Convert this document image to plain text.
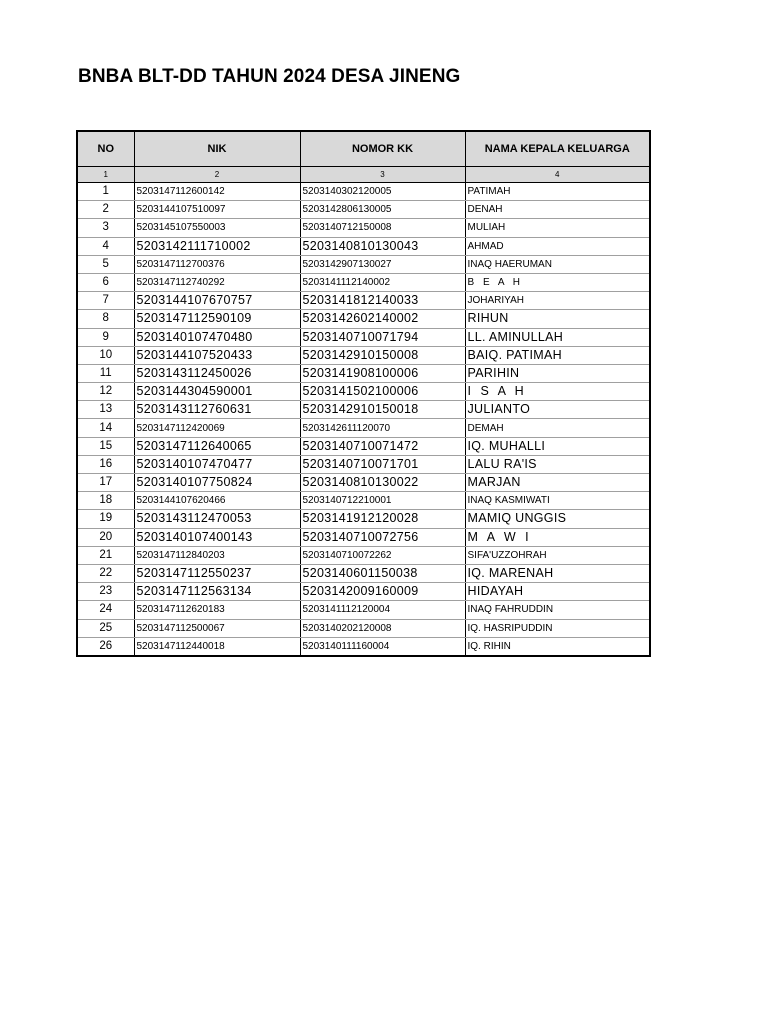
BNBA BLT-DD TAHUN 2024 DESA JINENG
NO	NIK	NOMOR KK	NAMA KEPALA KELUARGA
1	2	3	4
1	5203147112600142	5203140302120005	PATIMAH
2	5203144107510097	5203142806130005	DENAH
3	5203145107550003	5203140712150008	MULIAH
4	5203142111710002	5203140810130043	AHMAD
5	5203147112700376	5203142907130027	INAQ HAERUMAN
6	5203147112740292	5203141112140002	B E A H
7	5203144107670757	5203141812140033	JOHARIYAH
8	5203147112590109	5203142602140002	RIHUN
9	5203140107470480	5203140710071794	LL. AMINULLAH
10	5203144107520433	5203142910150008	BAIQ. PATIMAH
11	5203143112450026	5203141908100006	PARIHIN
12	5203144304590001	5203141502100006	I S A H
13	5203143112760631	5203142910150018	JULIANTO
14	5203147112420069	5203142611120070	DEMAH
15	5203147112640065	5203140710071472	IQ. MUHALLI
16	5203140107470477	5203140710071701	LALU RA'IS
17	5203140107750824	5203140810130022	MARJAN
18	5203144107620466	5203140712210001	INAQ KASMIWATI
19	5203143112470053	5203141912120028	MAMIQ UNGGIS
20	5203140107400143	5203140710072756	M A W I
21	5203147112840203	5203140710072262	SIFA'UZZOHRAH
22	5203147112550237	5203140601150038	IQ. MARENAH
23	5203147112563134	5203142009160009	HIDAYAH
24	5203147112620183	5203141112120004	INAQ FAHRUDDIN
25	5203147112500067	5203140202120008	IQ. HASRIPUDDIN
26	5203147112440018	5203140111160004	IQ. RIHIN
